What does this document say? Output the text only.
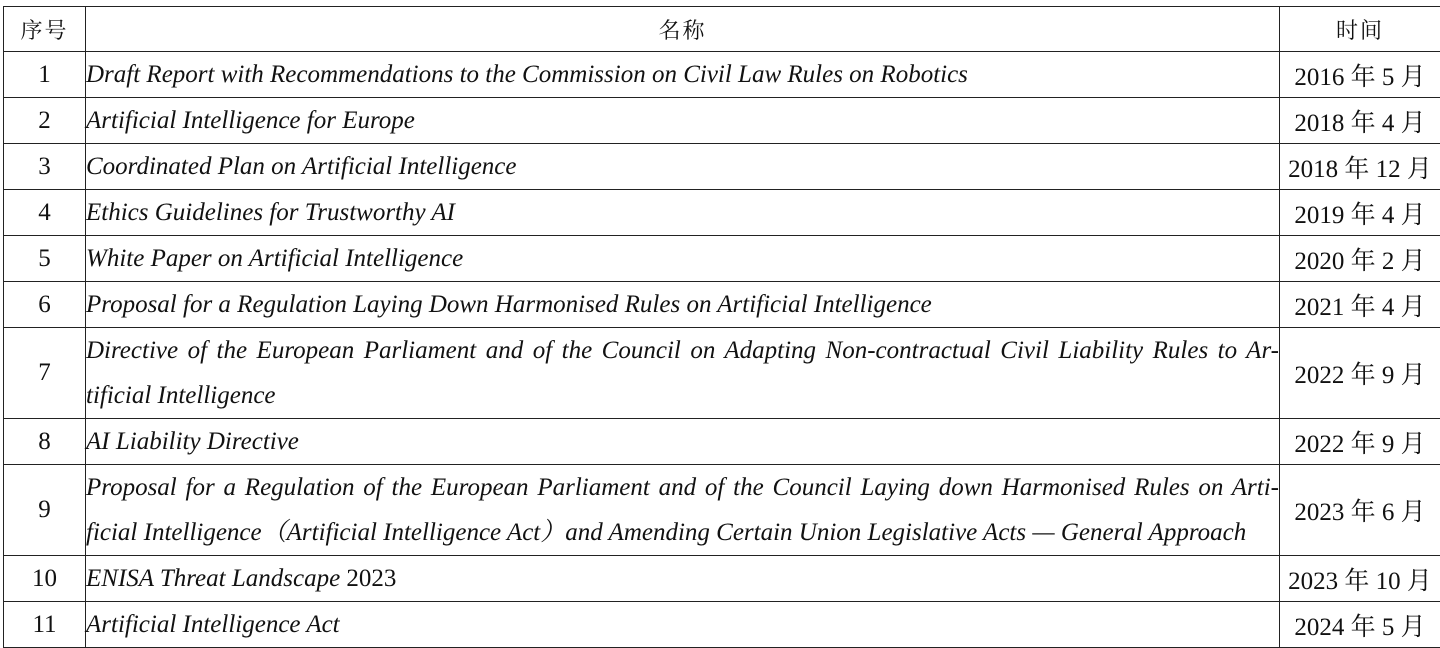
序号	名称	时间
1	Draft Report with Recommendations to the Commission on Civil Law Rules on Robotics	2016 年 5 月
2	Artificial Intelligence for Europe	2018 年 4 月
3	Coordinated Plan on Artificial Intelligence	2018 年 12 月
4	Ethics Guidelines for Trustworthy AI	2019 年 4 月
5	White Paper on Artificial Intelligence	2020 年 2 月
6	Proposal for a Regulation Laying Down Harmonised Rules on Artificial Intelligence	2021 年 4 月
7	Directive of the European Parliament and of the Council on Adapting Non-contractual Civil Liability Rules to Ar-tificial Intelligence	2022 年 9 月
8	AI Liability Directive	2022 年 9 月
9	Proposal for a Regulation of the European Parliament and of the Council Laying down Harmonised Rules on Arti-ficial Intelligence（Artificial Intelligence Act）and Amending Certain Union Legislative Acts — General Approach	2023 年 6 月
10	ENISA Threat Landscape 2023	2023 年 10 月
11	Artificial Intelligence Act	2024 年 5 月
